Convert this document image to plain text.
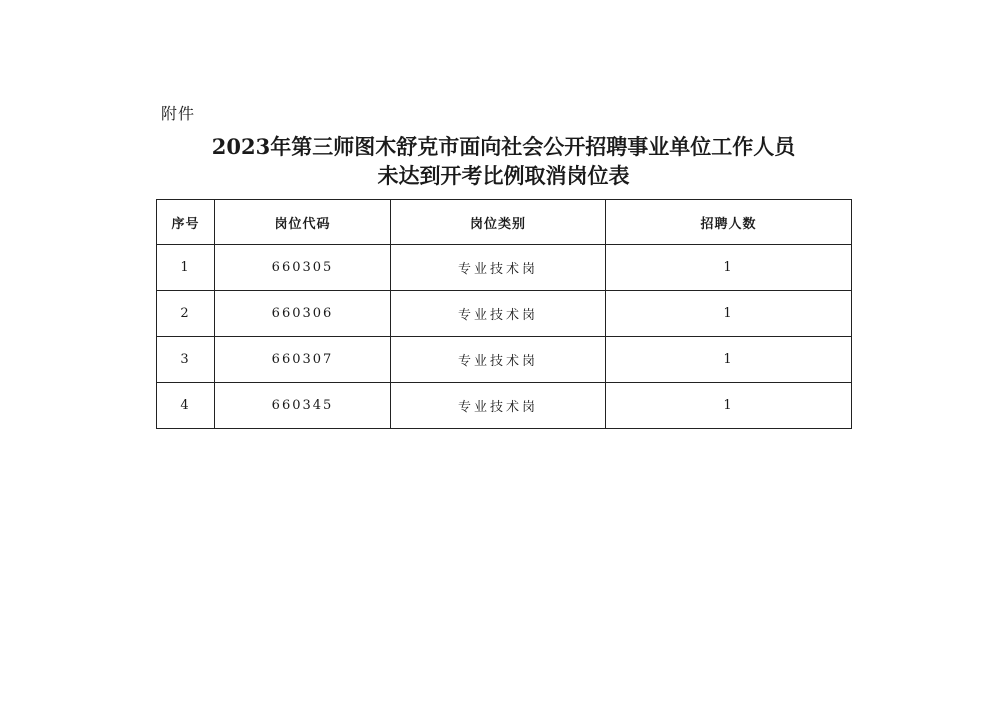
附件
2023年第三师图木舒克市面向社会公开招聘事业单位工作人员
未达到开考比例取消岗位表
序号	岗位代码	岗位类别	招聘人数
1	660305	专业技术岗	1
2	660306	专业技术岗	1
3	660307	专业技术岗	1
4	660345	专业技术岗	1
